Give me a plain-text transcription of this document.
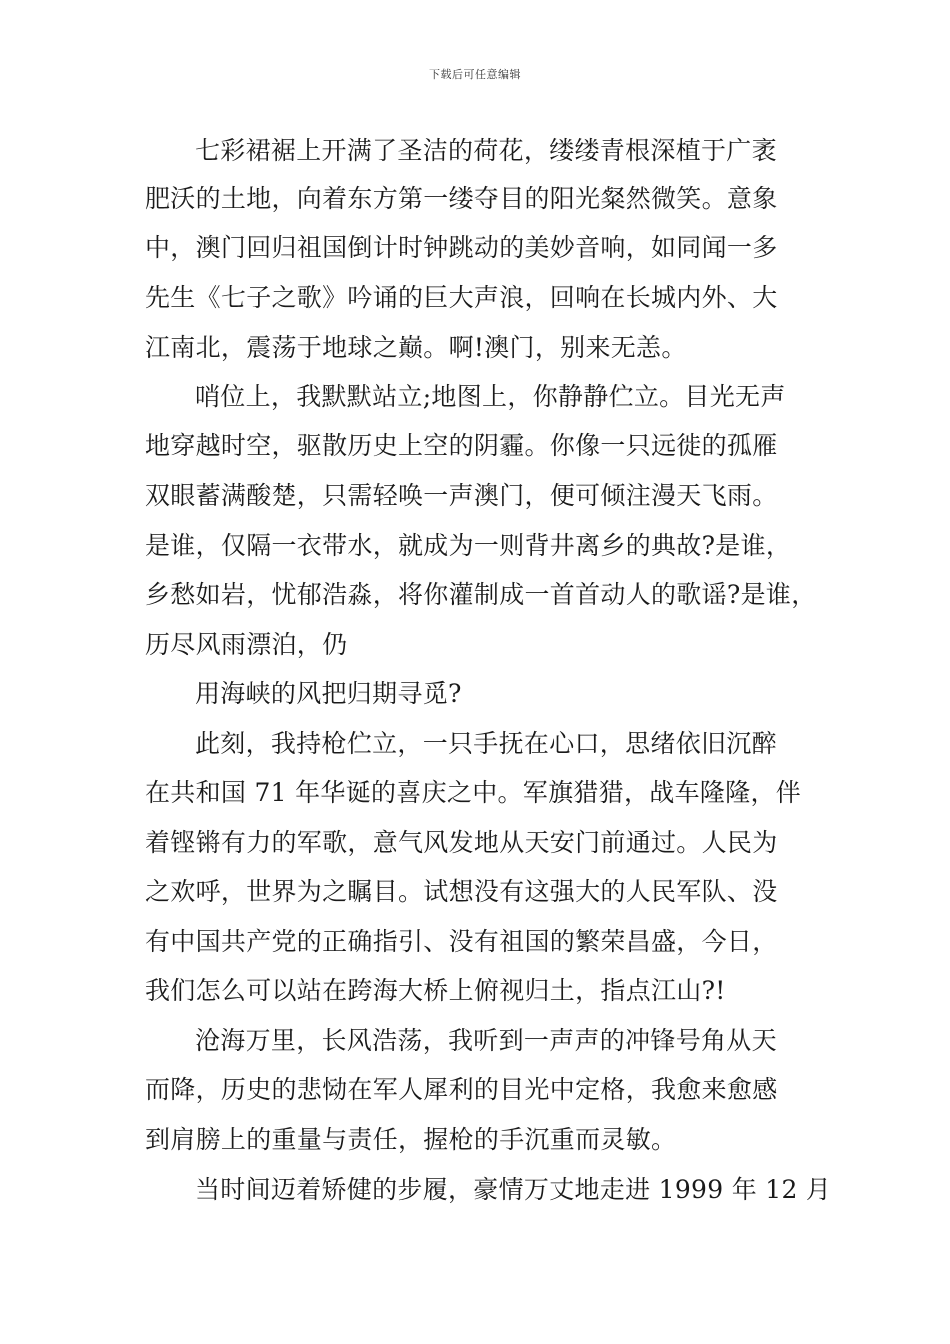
下载后可任意编辑
七彩裙裾上开满了圣洁的荷花，缕缕青根深植于广袤
肥沃的土地，向着东方第一缕夺目的阳光粲然微笑。意象
中，澳门回归祖国倒计时钟跳动的美妙音响，如同闻一多
先生《七子之歌》吟诵的巨大声浪，回响在长城内外、大
江南北，震荡于地球之巅。啊!澳门，别来无恙。
哨位上，我默默站立;地图上，你静静伫立。目光无声
地穿越时空，驱散历史上空的阴霾。你像一只远徙的孤雁
双眼蓄满酸楚，只需轻唤一声澳门，便可倾注漫天飞雨。
是谁，仅隔一衣带水，就成为一则背井离乡的典故?是谁，
乡愁如岩，忧郁浩淼，将你灌制成一首首动人的歌谣?是谁，
历尽风雨漂泊，仍
用海峡的风把归期寻觅?
此刻，我持枪伫立，一只手抚在心口，思绪依旧沉醉
在共和国 71 年华诞的喜庆之中。军旗猎猎，战车隆隆，伴
着铿锵有力的军歌，意气风发地从天安门前通过。人民为
之欢呼，世界为之瞩目。试想没有这强大的人民军队、没
有中国共产党的正确指引、没有祖国的繁荣昌盛，今日，
我们怎么可以站在跨海大桥上俯视归土，指点江山?!
沧海万里，长风浩荡，我听到一声声的冲锋号角从天
而降，历史的悲恸在军人犀利的目光中定格，我愈来愈感
到肩膀上的重量与责任，握枪的手沉重而灵敏。
当时间迈着矫健的步履，豪情万丈地走进 1999 年 12 月
